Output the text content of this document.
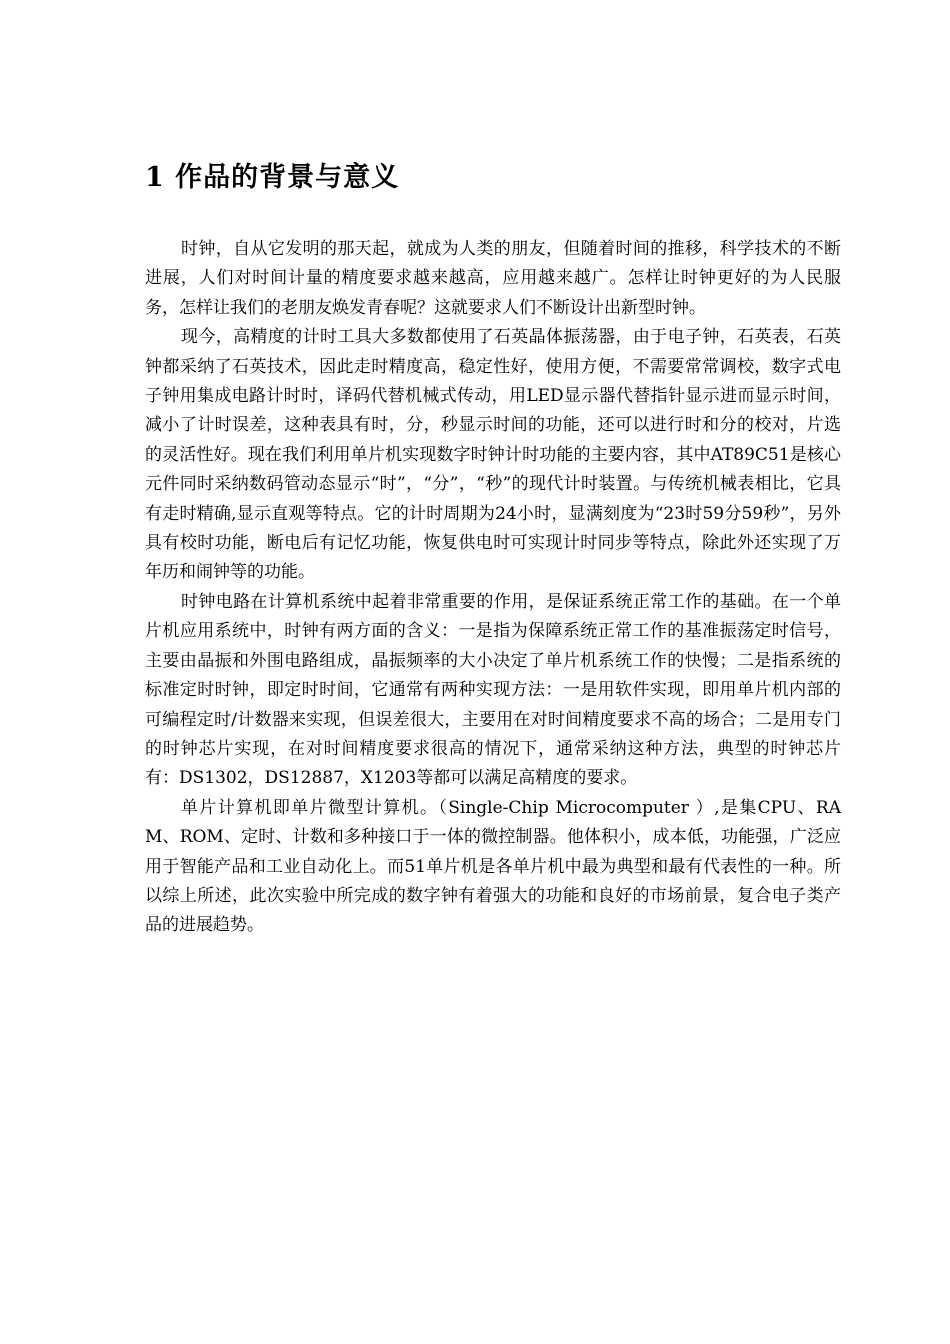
1 作品的背景与意义

时钟，自从它发明的那天起，就成为人类的朋友，但随着时间的推移，科学技术的不断进展，人们对时间计量的精度要求越来越高，应用越来越广。怎样让时钟更好的为人民服务，怎样让我们的老朋友焕发青春呢？这就要求人们不断设计出新型时钟。

现今，高精度的计时工具大多数都使用了石英晶体振荡器，由于电子钟，石英表，石英钟都采纳了石英技术，因此走时精度高，稳定性好，使用方便，不需要常常调校，数字式电子钟用集成电路计时时，译码代替机械式传动，用LED显示器代替指针显示进而显示时间，减小了计时误差，这种表具有时，分，秒显示时间的功能，还可以进行时和分的校对，片选的灵活性好。现在我们利用单片机实现数字时钟计时功能的主要内容，其中AT89C51是核心元件同时采纳数码管动态显示“时”，“分”，“秒”的现代计时装置。与传统机械表相比，它具有走时精确,显示直观等特点。它的计时周期为24小时，显满刻度为“23时59分59秒”，另外具有校时功能，断电后有记忆功能，恢复供电时可实现计时同步等特点，除此外还实现了万年历和闹钟等的功能。

时钟电路在计算机系统中起着非常重要的作用，是保证系统正常工作的基础。在一个单片机应用系统中，时钟有两方面的含义：一是指为保障系统正常工作的基准振荡定时信号，主要由晶振和外围电路组成，晶振频率的大小决定了单片机系统工作的快慢；二是指系统的标准定时时钟，即定时时间，它通常有两种实现方法：一是用软件实现，即用单片机内部的可编程定时/计数器来实现，但误差很大，主要用在对时间精度要求不高的场合；二是用专门的时钟芯片实现，在对时间精度要求很高的情况下，通常采纳这种方法，典型的时钟芯片有：DS1302，DS12887，X1203等都可以满足高精度的要求。

单片计算机即单片微型计算机。（Single-Chip Microcomputer ）,是集CPU、RAM、ROM、定时、计数和多种接口于一体的微控制器。他体积小，成本低，功能强，广泛应用于智能产品和工业自动化上。而51单片机是各单片机中最为典型和最有代表性的一种。所以综上所述，此次实验中所完成的数字钟有着强大的功能和良好的市场前景，复合电子类产品的进展趋势。
